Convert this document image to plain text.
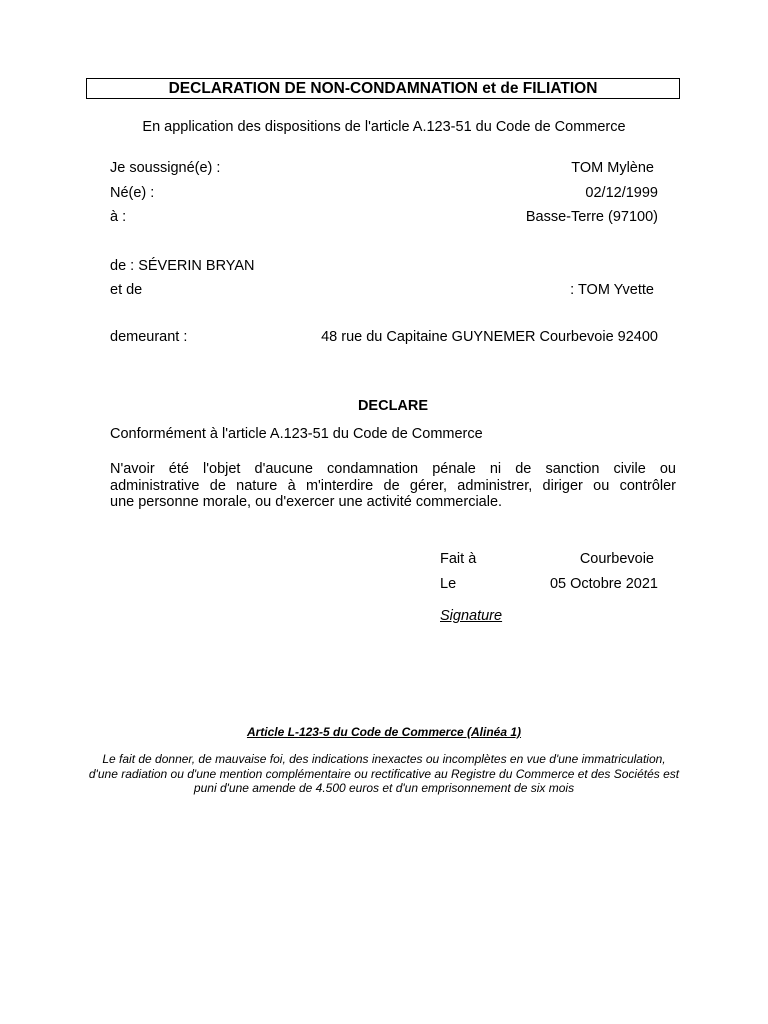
DECLARATION DE NON-CONDAMNATION et de FILIATION
En application des dispositions de l'article A.123-51 du Code de Commerce
Je soussigné(e) :	TOM Mylène
Né(e) :	02/12/1999
à :	Basse-Terre (97100)
de : SÉVERIN BRYAN
et de	: TOM Yvette
demeurant :	48 rue du Capitaine GUYNEMER Courbevoie 92400
DECLARE
Conformément à l'article A.123-51 du Code de Commerce
N'avoir été l'objet d'aucune condamnation pénale ni de sanction civile ou
administrative de nature à m'interdire de gérer, administrer, diriger ou contrôler
une personne morale, ou d'exercer une activité commerciale.
Fait à	Courbevoie
Le	05 Octobre 2021
Signature
Article L-123-5 du Code de Commerce (Alinéa 1)
Le fait de donner, de mauvaise foi, des indications inexactes ou incomplètes en vue d'une immatriculation,
d'une radiation ou d'une mention complémentaire ou rectificative au Registre du Commerce et des Sociétés est
puni d'une amende de 4.500 euros et d'un emprisonnement de six mois
